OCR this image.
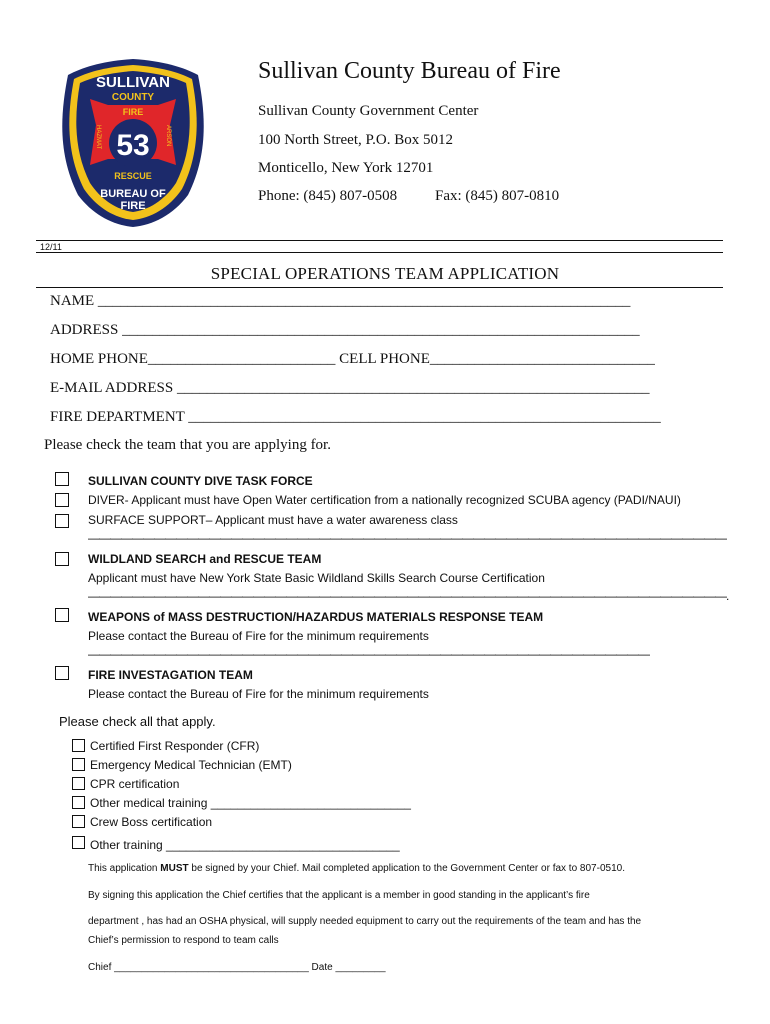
53
SULLIVAN
COUNTY
FIRE
RESCUE
HAZMAT	ARSON
BUREAU OF
FIRE
Sullivan County Bureau of Fire
Sullivan County Government Center
100 North Street, P.O. Box 5012
Monticello, New York 12701
Phone: (845) 807-0508	Fax: (845) 807-0810
12/11
SPECIAL OPERATIONS TEAM APPLICATION
NAME _______________________________________________________________________
ADDRESS _____________________________________________________________________
HOME PHONE_________________________ CELL PHONE______________________________
E-MAIL ADDRESS _______________________________________________________________
FIRE DEPARTMENT _______________________________________________________________
Please check the team that you are applying for.
SULLIVAN COUNTY DIVE TASK FORCE
DIVER- Applicant must have Open Water certification from a nationally recognized SCUBA agency (PADI/NAUI)
SURFACE SUPPORT– Applicant must have a water awareness class
——————————————————————————————————————————————————————————
WILDLAND SEARCH and RESCUE TEAM
Applicant must have New York State Basic Wildland Skills Search Course Certification
——————————————————————————————————————————————————————————.
WEAPONS of MASS DESTRUCTION/HAZARDUS MATERIALS RESPONSE TEAM
Please contact the Bureau of Fire for the minimum requirements
———————————————————————————————————————————————————
FIRE INVESTAGATION TEAM
Please contact the Bureau of Fire for the minimum requirements
Please check all that apply.
Certified First Responder (CFR)
Emergency Medical Technician (EMT)
CPR certification
Other medical training ______________________________
Crew Boss certification
Other training ___________________________________
This application MUST be signed by your Chief. Mail completed application to the Government Center or fax to 807-0510.
By signing this application the Chief certifies that the applicant is a member in good standing in the applicant’s fire
department , has had an OSHA physical, will supply needed equipment to carry out the requirements of the team and has the
Chief’s permission to respond to team calls
Chief ___________________________________ Date _________
